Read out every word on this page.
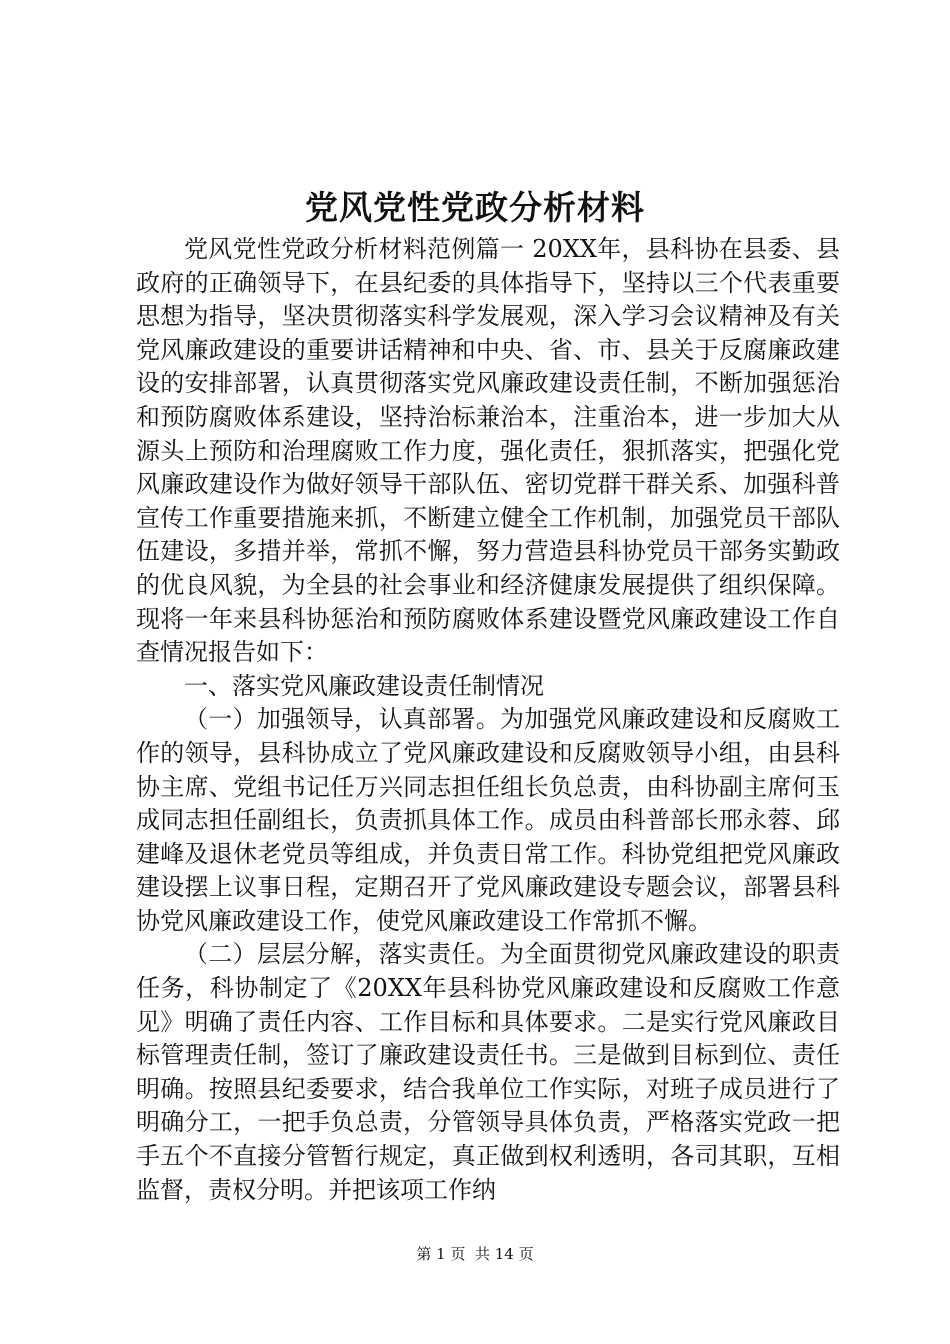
党风党性党政分析材料

党风党性党政分析材料范例篇一 20XX年，县科协在县委、县政府的正确领导下，在县纪委的具体指导下，坚持以三个代表重要思想为指导，坚决贯彻落实科学发展观，深入学习会议精神及有关党风廉政建设的重要讲话精神和中央、省、市、县关于反腐廉政建设的安排部署，认真贯彻落实党风廉政建设责任制，不断加强惩治和预防腐败体系建设，坚持治标兼治本，注重治本，进一步加大从源头上预防和治理腐败工作力度，强化责任，狠抓落实，把强化党风廉政建设作为做好领导干部队伍、密切党群干群关系、加强科普宣传工作重要措施来抓，不断建立健全工作机制，加强党员干部队伍建设，多措并举，常抓不懈，努力营造县科协党员干部务实勤政的优良风貌，为全县的社会事业和经济健康发展提供了组织保障。现将一年来县科协惩治和预防腐败体系建设暨党风廉政建设工作自查情况报告如下：

一、落实党风廉政建设责任制情况

（一）加强领导，认真部署。为加强党风廉政建设和反腐败工作的领导，县科协成立了党风廉政建设和反腐败领导小组，由县科协主席、党组书记任万兴同志担任组长负总责，由科协副主席何玉成同志担任副组长，负责抓具体工作。成员由科普部长邢永蓉、邱建峰及退休老党员等组成，并负责日常工作。科协党组把党风廉政建设摆上议事日程，定期召开了党风廉政建设专题会议，部署县科协党风廉政建设工作，使党风廉政建设工作常抓不懈。

（二）层层分解，落实责任。为全面贯彻党风廉政建设的职责任务，科协制定了《20XX年县科协党风廉政建设和反腐败工作意见》明确了责任内容、工作目标和具体要求。二是实行党风廉政目标管理责任制，签订了廉政建设责任书。三是做到目标到位、责任明确。按照县纪委要求，结合我单位工作实际，对班子成员进行了明确分工，一把手负总责，分管领导具体负责，严格落实党政一把手五个不直接分管暂行规定，真正做到权利透明，各司其职，互相监督，责权分明。并把该项工作纳

第 1 页  共 14 页
